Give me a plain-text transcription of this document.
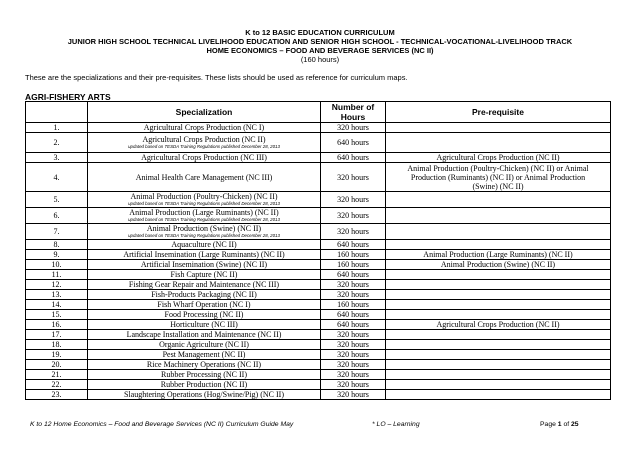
K to 12 BASIC EDUCATION CURRICULUM
JUNIOR HIGH SCHOOL TECHNICAL LIVELIHOOD EDUCATION AND SENIOR HIGH SCHOOL - TECHNICAL-VOCATIONAL-LIVELIHOOD TRACK
HOME ECONOMICS – FOOD AND BEVERAGE SERVICES (NC II)
(160 hours)
These are the specializations and their pre-requisites. These lists should be used as reference for curriculum maps.
AGRI-FISHERY ARTS
	Specialization	Number of Hours	Pre-requisite
1.	Agricultural Crops Production (NC I)	320 hours	
2.	Agricultural Crops Production (NC II)
updated based on TESDA Training Regulations published December 28, 2013	640 hours	
3.	Agricultural Crops Production (NC III)	640 hours	Agricultural Crops Production (NC II)
4.	Animal Health Care Management (NC III)	320 hours	Animal Production (Poultry-Chicken) (NC II) or Animal Production (Ruminants) (NC II) or Animal Production (Swine) (NC II)
5.	Animal Production (Poultry-Chicken) (NC II)
updated based on TESDA Training Regulations published December 28, 2013	320 hours	
6.	Animal Production (Large Ruminants) (NC II)
updated based on TESDA Training Regulations published December 28, 2013	320 hours	
7.	Animal Production (Swine) (NC II)
updated based on TESDA Training Regulations published December 28, 2013	320 hours	
8.	Aquaculture (NC II)	640 hours	
9.	Artificial Insemination (Large Ruminants) (NC II)	160 hours	Animal Production (Large Ruminants) (NC II)
10.	Artificial Insemination (Swine) (NC II)	160 hours	Animal Production (Swine) (NC II)
11.	Fish Capture (NC II)	640 hours	
12.	Fishing Gear Repair and Maintenance (NC III)	320 hours	
13.	Fish-Products Packaging (NC II)	320 hours	
14.	Fish Wharf Operation (NC I)	160 hours	
15.	Food Processing (NC II)	640 hours	
16.	Horticulture (NC III)	640 hours	Agricultural Crops Production (NC II)
17.	Landscape Installation and Maintenance (NC II)	320 hours	
18.	Organic Agriculture (NC II)	320 hours	
19.	Pest Management (NC II)	320 hours	
20.	Rice Machinery Operations (NC II)	320 hours	
21.	Rubber Processing (NC II)	320 hours	
22.	Rubber Production (NC II)	320 hours	
23.	Slaughtering Operations (Hog/Swine/Pig) (NC II)	320 hours	
K to 12 Home Economics – Food and Beverage Services (NC II) Curriculum Guide May	* LO – Learning	Page 1 of 25
